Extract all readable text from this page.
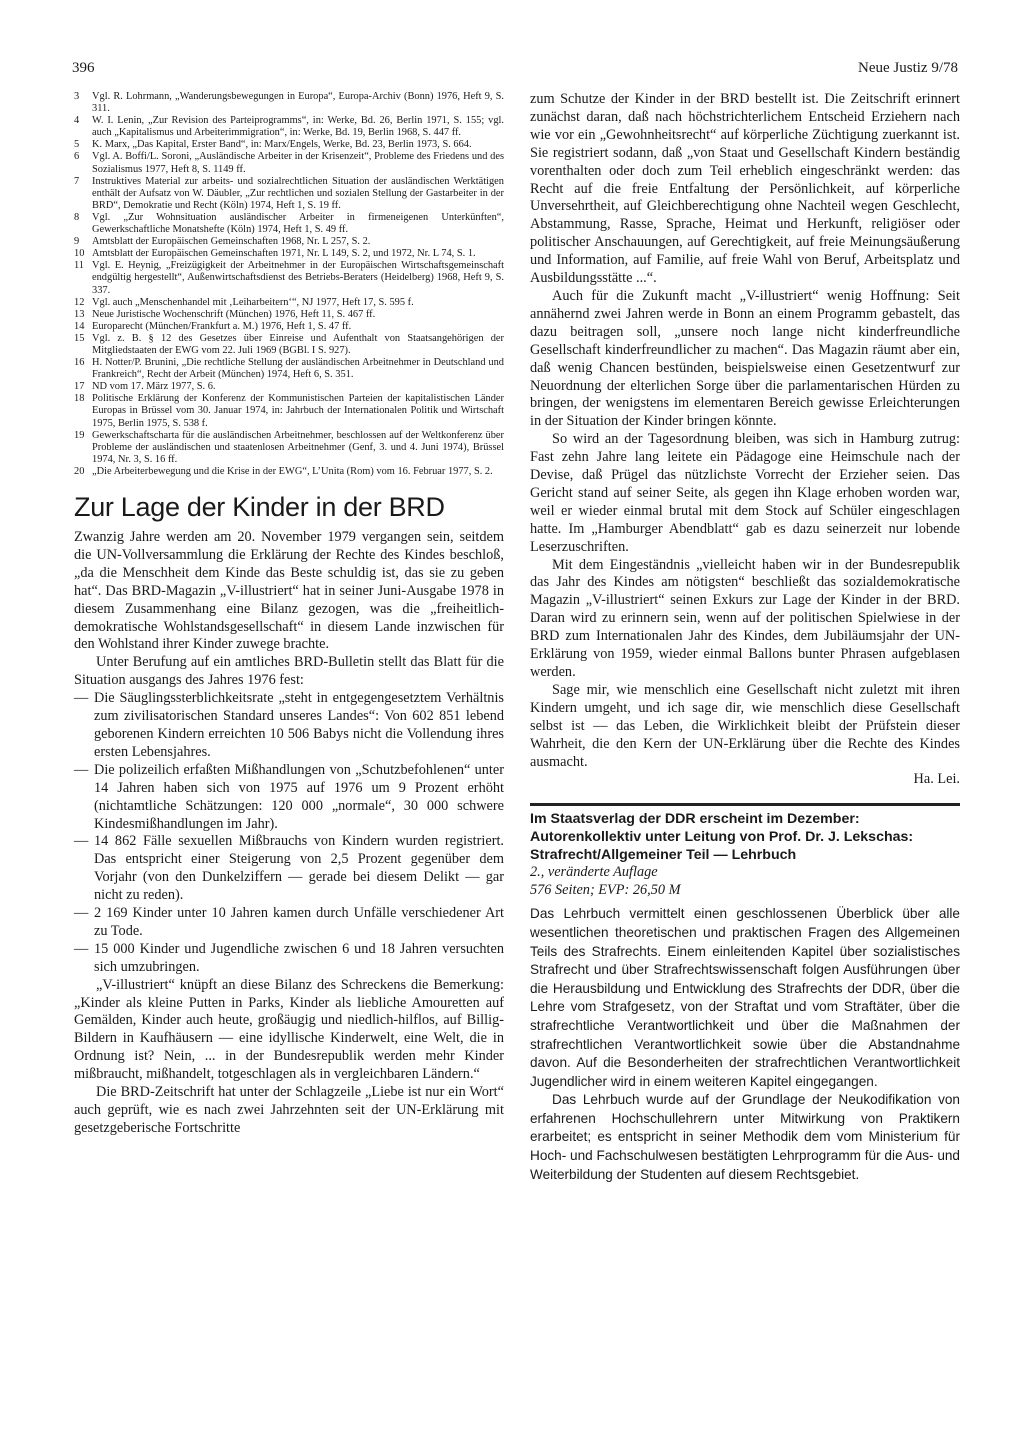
396	Neue Justiz 9/78
3	Vgl. R. Lohrmann, „Wanderungsbewegungen in Europa“, Europa-Archiv (Bonn) 1976, Heft 9, S. 311.
4	W. I. Lenin, „Zur Revision des Parteiprogramms“, in: Werke, Bd. 26, Berlin 1971, S. 155; vgl. auch „Kapitalismus und Arbeiterimmigration“, in: Werke, Bd. 19, Berlin 1968, S. 447 ff.
5	K. Marx, „Das Kapital, Erster Band“, in: Marx/Engels, Werke, Bd. 23, Berlin 1973, S. 664.
6	Vgl. A. Boffi/L. Soroni, „Ausländische Arbeiter in der Krisenzeit“, Probleme des Friedens und des Sozialismus 1977, Heft 8, S. 1149 ff.
7	Instruktives Material zur arbeits- und sozialrechtlichen Situation der ausländischen Werktätigen enthält der Aufsatz von W. Däubler, „Zur rechtlichen und sozialen Stellung der Gastarbeiter in der BRD“, Demokratie und Recht (Köln) 1974, Heft 1, S. 19 ff.
8	Vgl. „Zur Wohnsituation ausländischer Arbeiter in firmeneigenen Unterkünften“, Gewerkschaftliche Monatshefte (Köln) 1974, Heft 1, S. 49 ff.
9	Amtsblatt der Europäischen Gemeinschaften 1968, Nr. L 257, S. 2.
10 Amtsblatt der Europäischen Gemeinschaften 1971, Nr. L 149, S. 2, und 1972, Nr. L 74, S. 1.
11 Vgl. E. Heynig, „Freizügigkeit der Arbeitnehmer in der Europäischen Wirtschaftsgemeinschaft endgültig hergestellt“, Außenwirtschaftsdienst des Betriebs-Beraters (Heidelberg) 1968, Heft 9, S. 337.
12 Vgl. auch „Menschenhandel mit ‚Leiharbeitern‘“, NJ 1977, Heft 17, S. 595 f.
13 Neue Juristische Wochenschrift (München) 1976, Heft 11, S. 467 ff.
14 Europarecht (München/Frankfurt a. M.) 1976, Heft 1, S. 47 ff.
15 Vgl. z. B. § 12 des Gesetzes über Einreise und Aufenthalt von Staatsangehörigen der Mitgliedstaaten der EWG vom 22. Juli 1969 (BGBl. I S. 927).
16 H. Notter/P. Brunini, „Die rechtliche Stellung der ausländischen Arbeitnehmer in Deutschland und Frankreich“, Recht der Arbeit (München) 1974, Heft 6, S. 351.
17 ND vom 17. März 1977, S. 6.
18 Politische Erklärung der Konferenz der Kommunistischen Parteien der kapitalistischen Länder Europas in Brüssel vom 30. Januar 1974, in: Jahrbuch der Internationalen Politik und Wirtschaft 1975, Berlin 1975, S. 538 f.
19 Gewerkschaftscharta für die ausländischen Arbeitnehmer, beschlossen auf der Weltkonferenz über Probleme der ausländischen und staatenlosen Arbeitnehmer (Genf, 3. und 4. Juni 1974), Brüssel 1974, Nr. 3, S. 16 ff.
20 „Die Arbeiterbewegung und die Krise in der EWG“, L’Unita (Rom) vom 16. Februar 1977, S. 2.
Zur Lage der Kinder in der BRD

Zwanzig Jahre werden am 20. November 1979 vergangen sein, seitdem die UN-Vollversammlung die Erklärung der Rechte des Kindes beschloß, „da die Menschheit dem Kinde das Beste schuldig ist, das sie zu geben hat“. Das BRD-Magazin „V-illustriert“ hat in seiner Juni-Ausgabe 1978 in diesem Zusammenhang eine Bilanz gezogen, was die „freiheitlich-demokratische Wohlstandsgesellschaft“ in diesem Lande inzwischen für den Wohlstand ihrer Kinder zuwege brachte.

Unter Berufung auf ein amtliches BRD-Bulletin stellt das Blatt für die Situation ausgangs des Jahres 1976 fest:

— Die Säuglingssterblichkeitsrate „steht in entgegengesetztem Verhältnis zum zivilisatorischen Standard unseres Landes“: Von 602 851 lebend geborenen Kindern erreichten 10 506 Babys nicht die Vollendung ihres ersten Lebensjahres.
— Die polizeilich erfaßten Mißhandlungen von „Schutzbefohlenen“ unter 14 Jahren haben sich von 1975 auf 1976 um 9 Prozent erhöht (nichtamtliche Schätzungen: 120 000 „normale“, 30 000 schwere Kindesmißhandlungen im Jahr).
— 14 862 Fälle sexuellen Mißbrauchs von Kindern wurden registriert. Das entspricht einer Steigerung von 2,5 Prozent gegenüber dem Vorjahr (von den Dunkelziffern — gerade bei diesem Delikt — gar nicht zu reden).
— 2 169 Kinder unter 10 Jahren kamen durch Unfälle verschiedener Art zu Tode.
— 15 000 Kinder und Jugendliche zwischen 6 und 18 Jahren versuchten sich umzubringen.

„V-illustriert“ knüpft an diese Bilanz des Schreckens die Bemerkung: „Kinder als kleine Putten in Parks, Kinder als liebliche Amouretten auf Gemälden, Kinder auch heute, großäugig und niedlich-hilflos, auf Billig-Bildern in Kaufhäusern — eine idyllische Kinderwelt, eine Welt, die in Ordnung ist? Nein, ... in der Bundesrepublik werden mehr Kinder mißbraucht, mißhandelt, totgeschlagen als in vergleichbaren Ländern.“

Die BRD-Zeitschrift hat unter der Schlagzeile „Liebe ist nur ein Wort“ auch geprüft, wie es nach zwei Jahrzehnten seit der UN-Erklärung mit gesetzgeberische Fortschritte

zum Schutze der Kinder in der BRD bestellt ist. Die Zeitschrift erinnert zunächst daran, daß nach höchstrichterlichem Entscheid Erziehern nach wie vor ein „Gewohnheitsrecht“ auf körperliche Züchtigung zuerkannt ist. Sie registriert sodann, daß „von Staat und Gesellschaft Kindern beständig vorenthalten oder doch zum Teil erheblich eingeschränkt werden: das Recht auf die freie Entfaltung der Persönlichkeit, auf körperliche Unversehrtheit, auf Gleichberechtigung ohne Nachteil wegen Geschlecht, Abstammung, Rasse, Sprache, Heimat und Herkunft, religiöser oder politischer Anschauungen, auf Gerechtigkeit, auf freie Meinungsäußerung und Information, auf Familie, auf freie Wahl von Beruf, Arbeitsplatz und Ausbildungsstätte ...“.

Auch für die Zukunft macht „V-illustriert“ wenig Hoffnung: Seit annähernd zwei Jahren werde in Bonn an einem Programm gebastelt, das dazu beitragen soll, „unsere noch lange nicht kinderfreundliche Gesellschaft kinderfreundlicher zu machen“. Das Magazin räumt aber ein, daß wenig Chancen bestünden, beispielsweise einen Gesetzentwurf zur Neuordnung der elterlichen Sorge über die parlamentarischen Hürden zu bringen, der wenigstens im elementaren Bereich gewisse Erleichterungen in der Situation der Kinder bringen könnte.

So wird an der Tagesordnung bleiben, was sich in Hamburg zutrug: Fast zehn Jahre lang leitete ein Pädagoge eine Heimschule nach der Devise, daß Prügel das nützlichste Vorrecht der Erzieher seien. Das Gericht stand auf seiner Seite, als gegen ihn Klage erhoben worden war, weil er wieder einmal brutal mit dem Stock auf Schüler eingeschlagen hatte. Im „Hamburger Abendblatt“ gab es dazu seinerzeit nur lobende Leserzuschriften.

Mit dem Eingeständnis „vielleicht haben wir in der Bundesrepublik das Jahr des Kindes am nötigsten“ beschließt das sozialdemokratische Magazin „V-illustriert“ seinen Exkurs zur Lage der Kinder in der BRD. Daran wird zu erinnern sein, wenn auf der politischen Spielwiese in der BRD zum Internationalen Jahr des Kindes, dem Jubiläumsjahr der UN-Erklärung von 1959, wieder einmal Ballons bunter Phrasen aufgeblasen werden.

Sage mir, wie menschlich eine Gesellschaft nicht zuletzt mit ihren Kindern umgeht, und ich sage dir, wie menschlich diese Gesellschaft selbst ist — das Leben, die Wirklichkeit bleibt der Prüfstein dieser Wahrheit, die den Kern der UN-Erklärung über die Rechte des Kindes ausmacht.

Ha. Lei.
Im Staatsverlag der DDR erscheint im Dezember:
Autorenkollektiv unter Leitung von Prof. Dr. J. Lekschas: Strafrecht/Allgemeiner Teil — Lehrbuch
2., veränderte Auflage
576 Seiten; EVP: 26,50 M

Das Lehrbuch vermittelt einen geschlossenen Überblick über alle wesentlichen theoretischen und praktischen Fragen des Allgemeinen Teils des Strafrechts. Einem einleitenden Kapitel über sozialistisches Strafrecht und über Strafrechtswissenschaft folgen Ausführungen über die Herausbildung und Entwicklung des Strafrechts der DDR, über die Lehre vom Strafgesetz, von der Straftat und vom Straftäter, über die strafrechtliche Verantwortlichkeit und über die Maßnahmen der strafrechtlichen Verantwortlichkeit sowie über die Abstandnahme davon. Auf die Besonderheiten der strafrechtlichen Verantwortlichkeit Jugendlicher wird in einem weiteren Kapitel eingegangen.

Das Lehrbuch wurde auf der Grundlage der Neukodifikation von erfahrenen Hochschullehrern unter Mitwirkung von Praktikern erarbeitet; es entspricht in seiner Methodik dem vom Ministerium für Hoch- und Fachschulwesen bestätigten Lehrprogramm für die Aus- und Weiterbildung der Studenten auf diesem Rechtsgebiet.
